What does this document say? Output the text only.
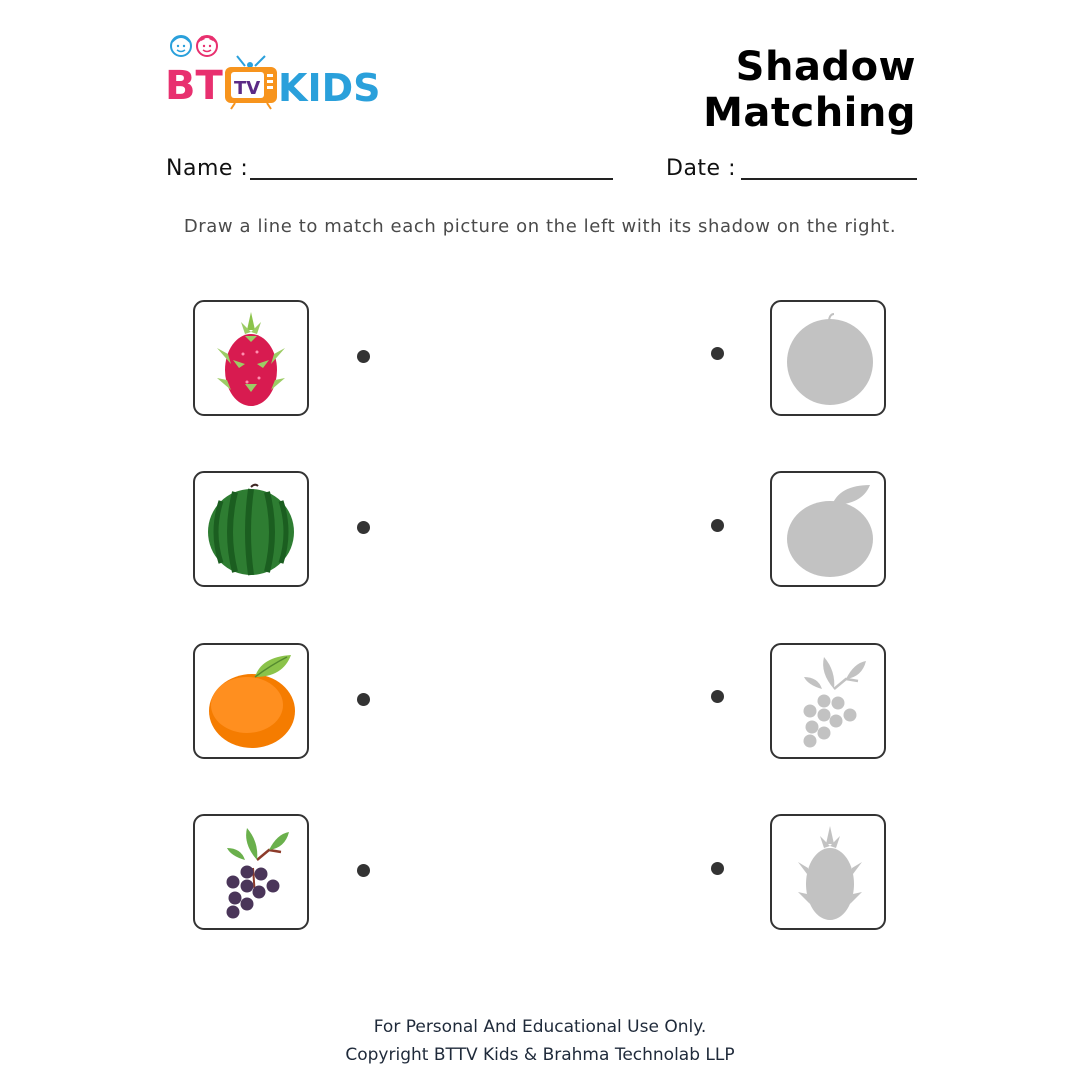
BT TV KIDS	Shadow Matching
Name :	Date :
Draw a line to match each picture on the left with its shadow on the right.
For Personal And Educational Use Only.
Copyright BTTV Kids & Brahma Technolab LLP
